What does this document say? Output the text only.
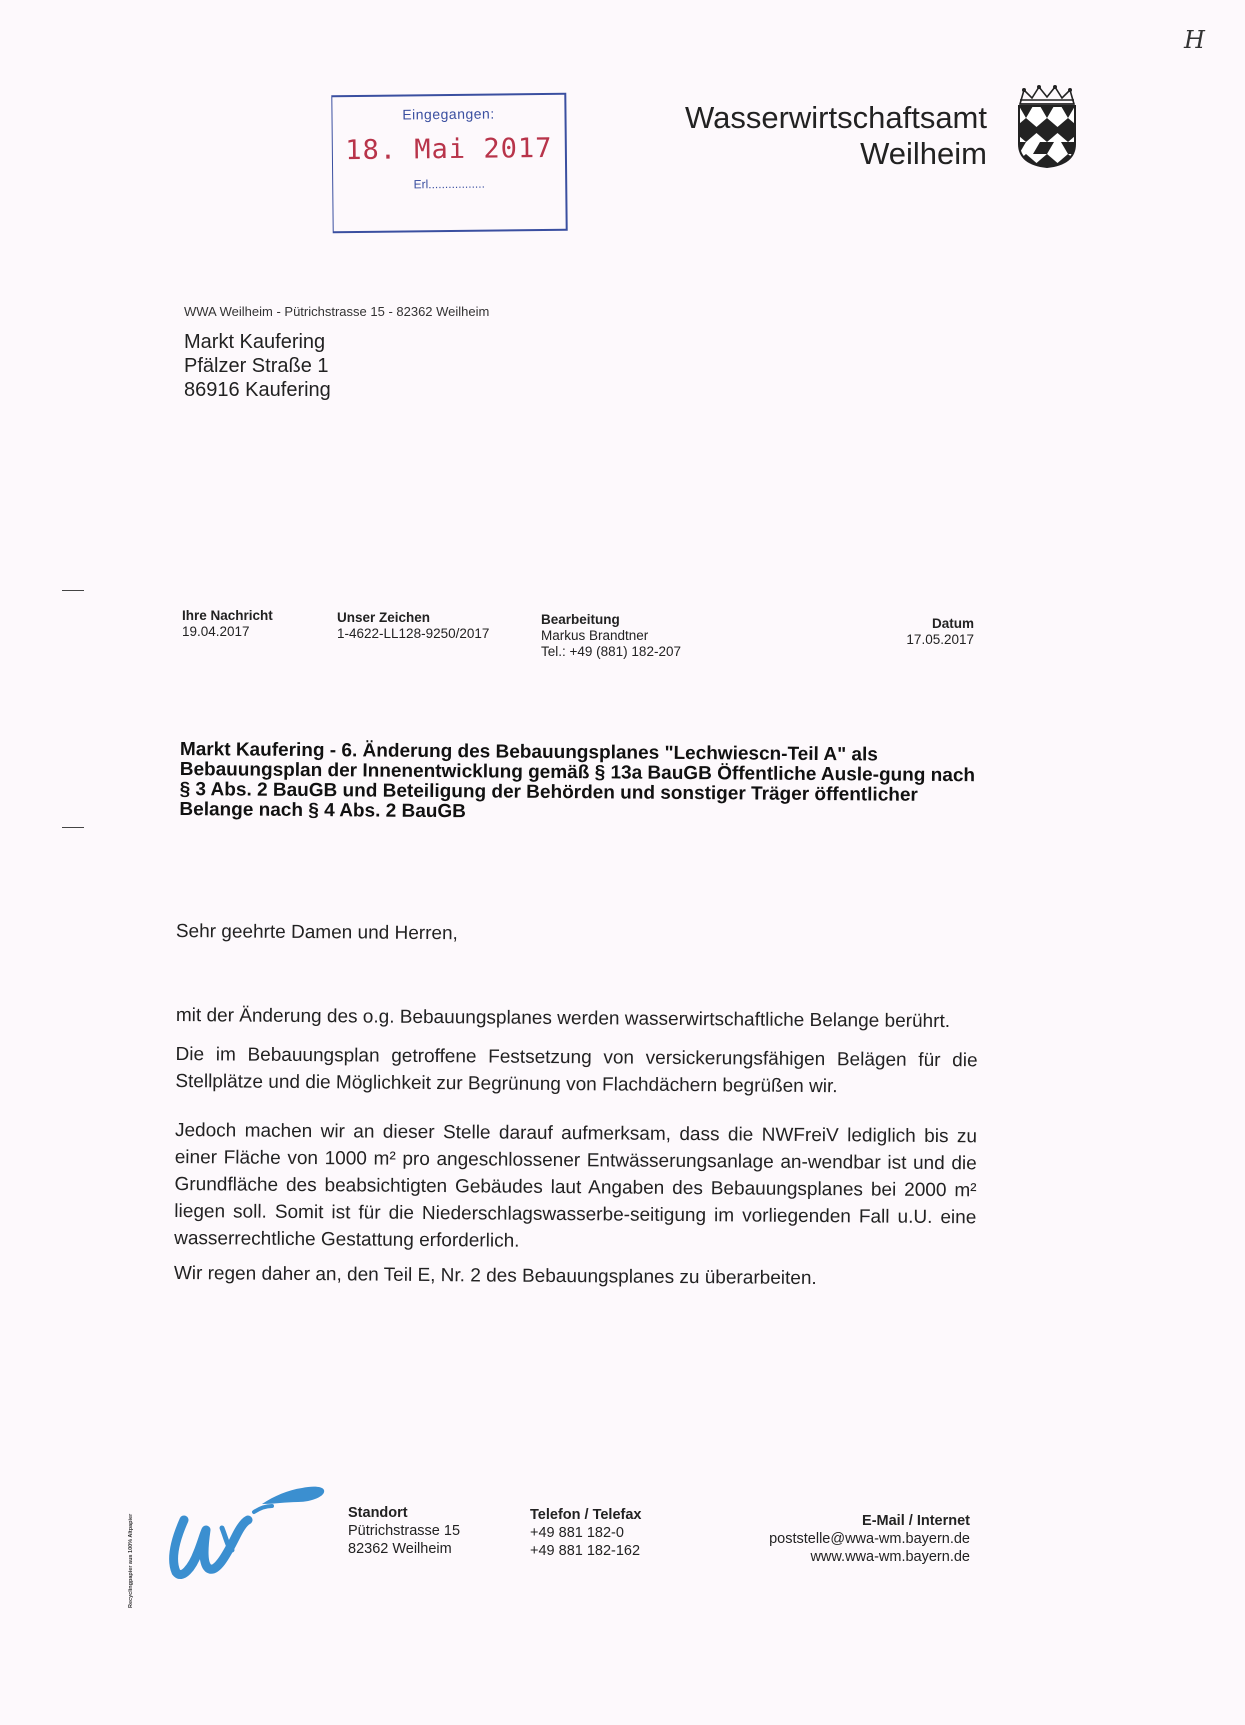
H
Eingegangen:
18. Mai 2017
Erl.................
Wasserwirtschaftsamt
Weilheim
WWA Weilheim - Pütrichstrasse 15 - 82362 Weilheim
Markt Kaufering
Pfälzer Straße 1
86916 Kaufering
Ihre Nachricht
19.04.2017
Unser Zeichen
1-4622-LL128-9250/2017
Bearbeitung
Markus Brandtner
Tel.: +49 (881) 182-207
Datum
17.05.2017
Markt Kaufering - 6. Änderung des Bebauungsplanes "Lechwiescn-Teil A" als Bebauungsplan der Innenentwicklung gemäß § 13a BauGB Öffentliche Ausle-gung nach § 3 Abs. 2 BauGB und Beteiligung der Behörden und sonstiger Träger öffentlicher Belange nach § 4 Abs. 2 BauGB
Sehr geehrte Damen und Herren,

mit der Änderung des o.g. Bebauungsplanes werden wasserwirtschaftliche Belange berührt.

Die im Bebauungsplan getroffene Festsetzung von versickerungsfähigen Belägen für die Stellplätze und die Möglichkeit zur Begrünung von Flachdächern begrüßen wir.

Jedoch machen wir an dieser Stelle darauf aufmerksam, dass die NWFreiV lediglich bis zu einer Fläche von 1000 m² pro angeschlossener Entwässerungsanlage an-wendbar ist und die Grundfläche des beabsichtigten Gebäudes laut Angaben des Bebauungsplanes bei 2000 m² liegen soll. Somit ist für die Niederschlagswasserbe-seitigung im vorliegenden Fall u.U. eine wasserrechtliche Gestattung erforderlich.

Wir regen daher an, den Teil E, Nr. 2 des Bebauungsplanes zu überarbeiten.

Recyclingpapier aus 100% Altpapier
Standort
Pütrichstrasse 15
82362 Weilheim
Telefon / Telefax
+49 881 182-0
+49 881 182-162
E-Mail / Internet
poststelle@wwa-wm.bayern.de
www.wwa-wm.bayern.de
